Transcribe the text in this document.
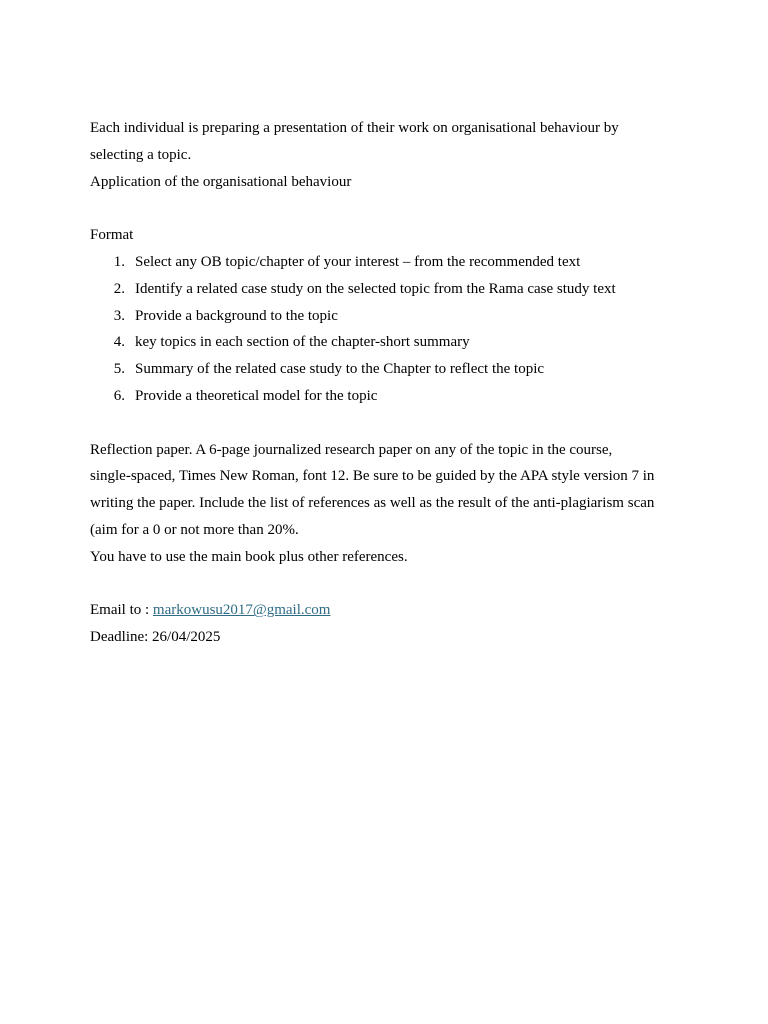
Each individual is preparing a presentation of their work on organisational behaviour by
selecting a topic.
Application of the organisational behaviour
Format
1. Select any OB topic/chapter of your interest – from the recommended text
2. Identify a related case study on the selected topic from the Rama case study text
3. Provide a background to the topic
4. key topics in each section of the chapter-short summary
5. Summary of the related case study to the Chapter to reflect the topic
6. Provide a theoretical model for the topic
Reflection paper. A 6-page journalized research paper on any of the topic in the course,
single-spaced, Times New Roman, font 12. Be sure to be guided by the APA style version 7 in
writing the paper. Include the list of references as well as the result of the anti-plagiarism scan
(aim for a 0 or not more than 20%.
You have to use the main book plus other references.
Email to : markowusu2017@gmail.com
Deadline: 26/04/2025
